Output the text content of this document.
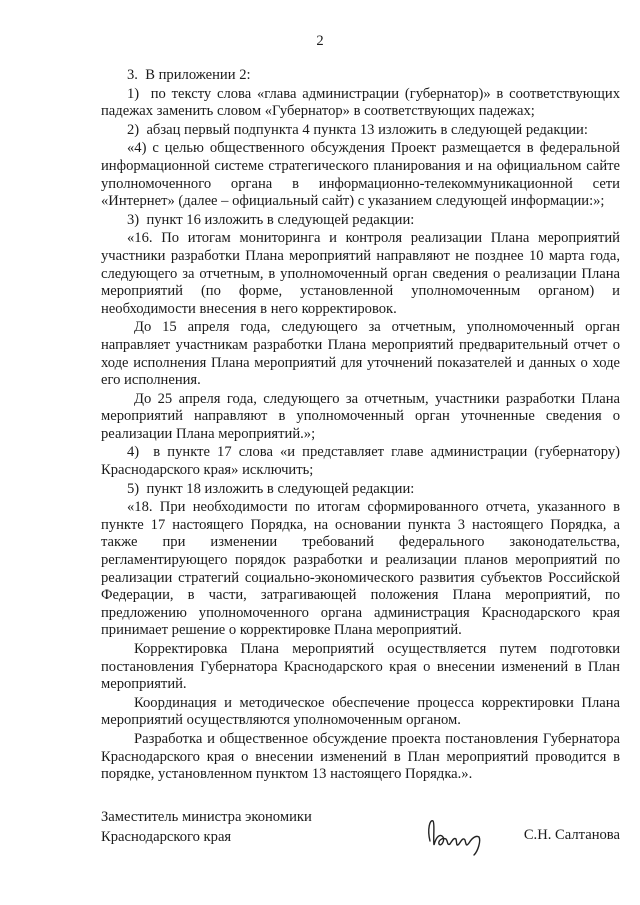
2

3.  В приложении 2:

1)  по тексту слова «глава администрации (губернатор)» в соответствующих падежах заменить словом «Губернатор» в соответствующих падежах;

2)  абзац первый подпункта 4 пункта 13 изложить в следующей редакции:

«4) с целью общественного обсуждения Проект размещается в федеральной информационной системе стратегического планирования и на официальном сайте уполномоченного органа в информационно-телекоммуникационной сети «Интернет» (далее – официальный сайт) с указанием следующей информации:»;

3)  пункт 16 изложить в следующей редакции:

«16. По итогам мониторинга и контроля реализации Плана мероприятий участники разработки Плана мероприятий направляют не позднее 10 марта года, следующего за отчетным, в уполномоченный орган сведения о реализации Плана мероприятий (по форме, установленной уполномоченным органом) и необходимости внесения в него корректировок.

До 15 апреля года, следующего за отчетным, уполномоченный орган направляет участникам разработки Плана мероприятий предварительный отчет о ходе исполнения Плана мероприятий для уточнений показателей и данных о ходе его исполнения.

До 25 апреля года, следующего за отчетным, участники разработки Плана мероприятий направляют в уполномоченный орган уточненные сведения о реализации Плана мероприятий.»;

4)  в пункте 17 слова «и представляет главе администрации (губернатору) Краснодарского края» исключить;

5)  пункт 18 изложить в следующей редакции:

«18. При необходимости по итогам сформированного отчета, указанного в пункте 17 настоящего Порядка, на основании пункта 3 настоящего Порядка, а также при изменении требований федерального законодательства, регламентирующего порядок разработки и реализации планов мероприятий по реализации стратегий социально-экономического развития субъектов Российской Федерации, в части, затрагивающей положения Плана мероприятий, по предложению уполномоченного органа администрация Краснодарского края принимает решение о корректировке Плана мероприятий.

Корректировка Плана мероприятий осуществляется путем подготовки постановления Губернатора Краснодарского края о внесении изменений в План мероприятий.

Координация и методическое обеспечение процесса корректировки Плана мероприятий осуществляются уполномоченным органом.

Разработка и общественное обсуждение проекта постановления Губернатора Краснодарского края о внесении изменений в План мероприятий проводится в порядке, установленном пунктом 13 настоящего Порядка.».

Заместитель министра экономики
Краснодарского края	С.Н. Салтанова
